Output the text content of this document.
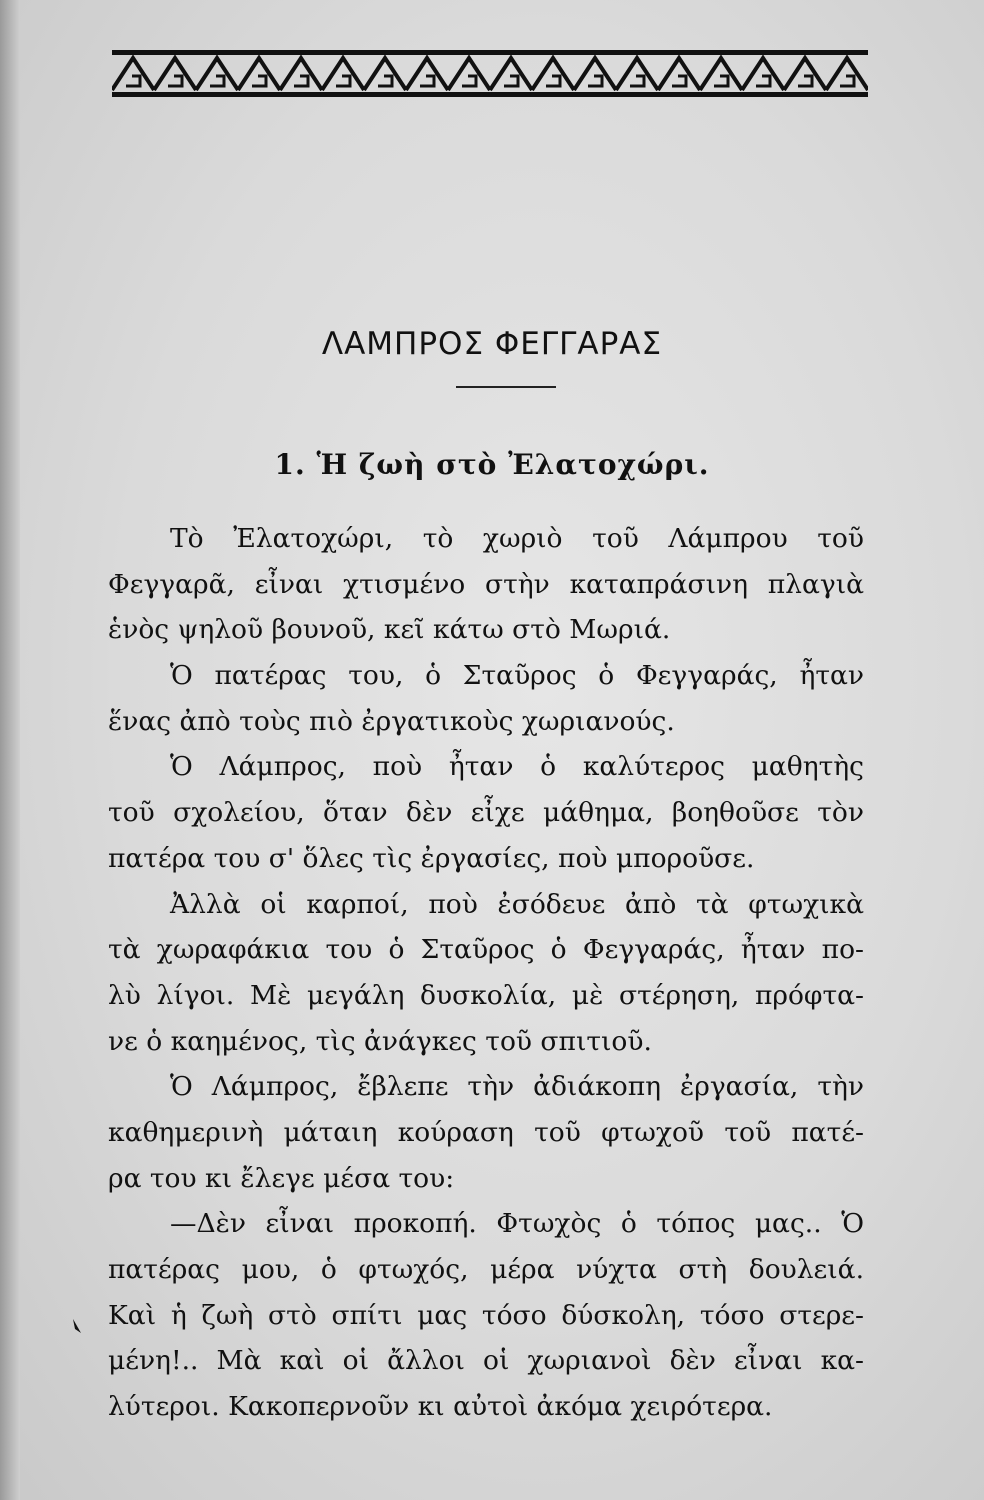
ΛΑΜΠΡΟΣ ΦΕΓΓΑΡΑΣ
1. Ἡ ζωὴ στὸ Ἐλατοχώρι.
Τὸ Ἐλατοχώρι, τὸ χωριὸ τοῦ Λάμπρου τοῦ
Φεγγαρᾶ, εἶναι χτισμένο στὴν καταπράσινη πλαγιὰ
ἑνὸς ψηλοῦ βουνοῦ, κεῖ κάτω στὸ Μωριά.
Ὁ πατέρας του, ὁ Σταῦρος ὁ Φεγγαράς, ἦταν
ἕνας ἀπὸ τοὺς πιὸ ἐργατικοὺς χωριανούς.
Ὁ Λάμπρος, ποὺ ἦταν ὁ καλύτερος μαθητὴς
τοῦ σχολείου, ὅταν δὲν εἶχε μάθημα, βοηθοῦσε τὸν
πατέρα του σ' ὅλες τὶς ἐργασίες, ποὺ μποροῦσε.
Ἀλλὰ οἱ καρποί, ποὺ ἐσόδευε ἀπὸ τὰ φτωχικὰ
τὰ χωραφάκια του ὁ Σταῦρος ὁ Φεγγαράς, ἦταν πο-
λὺ λίγοι. Μὲ μεγάλη δυσκολία, μὲ στέρηση, πρόφτα-
νε ὁ καημένος, τὶς ἀνάγκες τοῦ σπιτιοῦ.
Ὁ Λάμπρος, ἔβλεπε τὴν ἀδιάκοπη ἐργασία, τὴν
καθημερινὴ μάταιη κούραση τοῦ φτωχοῦ τοῦ πατέ-
ρα του κι ἔλεγε μέσα του:
—Δὲν εἶναι προκοπή. Φτωχὸς ὁ τόπος μας.. Ὁ
πατέρας μου, ὁ φτωχός, μέρα νύχτα στὴ δουλειά.
Καὶ ἡ ζωὴ στὸ σπίτι μας τόσο δύσκολη, τόσο στερε-
μένη!.. Μὰ καὶ οἱ ἄλλοι οἱ χωριανοὶ δὲν εἶναι κα-
λύτεροι. Κακοπερνοῦν κι αὐτοὶ ἀκόμα χειρότερα.
